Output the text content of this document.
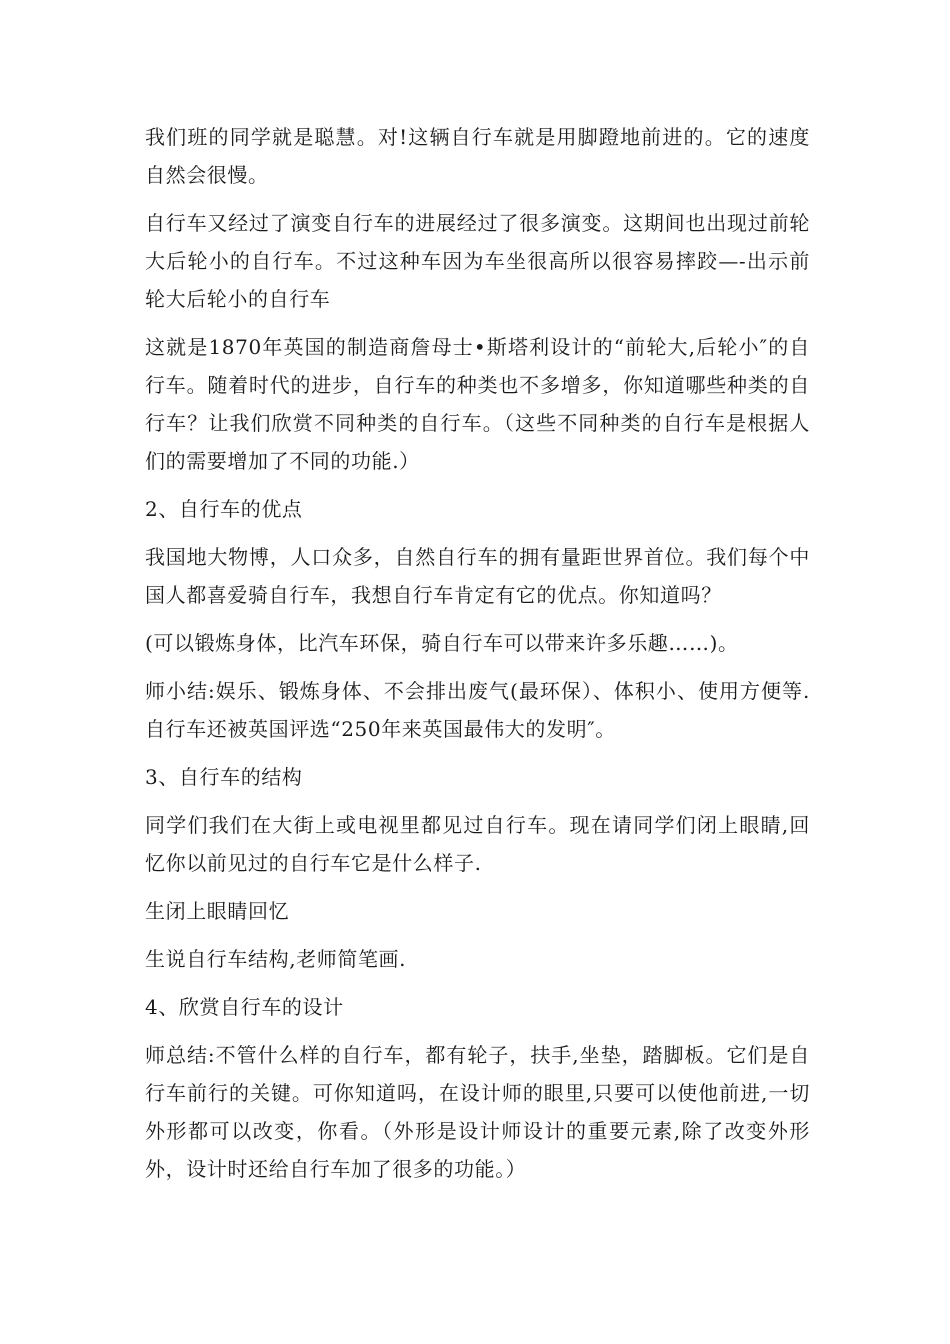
我们班的同学就是聪慧。对!这辆自行车就是用脚蹬地前进的。它的速度自然会很慢。

自行车又经过了演变自行车的进展经过了很多演变。这期间也出现过前轮大后轮小的自行车。不过这种车因为车坐很高所以很容易摔跤—-出示前轮大后轮小的自行车

这就是1870年英国的制造商詹母士•斯塔利设计的“前轮大,后轮小″的自行车。随着时代的进步，自行车的种类也不多增多，你知道哪些种类的自行车？让我们欣赏不同种类的自行车。（这些不同种类的自行车是根据人们的需要增加了不同的功能.）

2、自行车的优点

我国地大物博，人口众多，自然自行车的拥有量距世界首位。我们每个中国人都喜爱骑自行车，我想自行车肯定有它的优点。你知道吗？

(可以锻炼身体，比汽车环保，骑自行车可以带来许多乐趣……)。

师小结:娱乐、锻炼身体、不会排出废气(最环保）、体积小、使用方便等.自行车还被英国评选“250年来英国最伟大的发明″。

3、自行车的结构

同学们我们在大街上或电视里都见过自行车。现在请同学们闭上眼睛,回忆你以前见过的自行车它是什么样子.

生闭上眼睛回忆

生说自行车结构,老师简笔画.

4、欣赏自行车的设计

师总结:不管什么样的自行车，都有轮子，扶手,坐垫，踏脚板。它们是自行车前行的关键。可你知道吗，在设计师的眼里,只要可以使他前进,一切外形都可以改变，你看。（外形是设计师设计的重要元素,除了改变外形外，设计时还给自行车加了很多的功能。）
